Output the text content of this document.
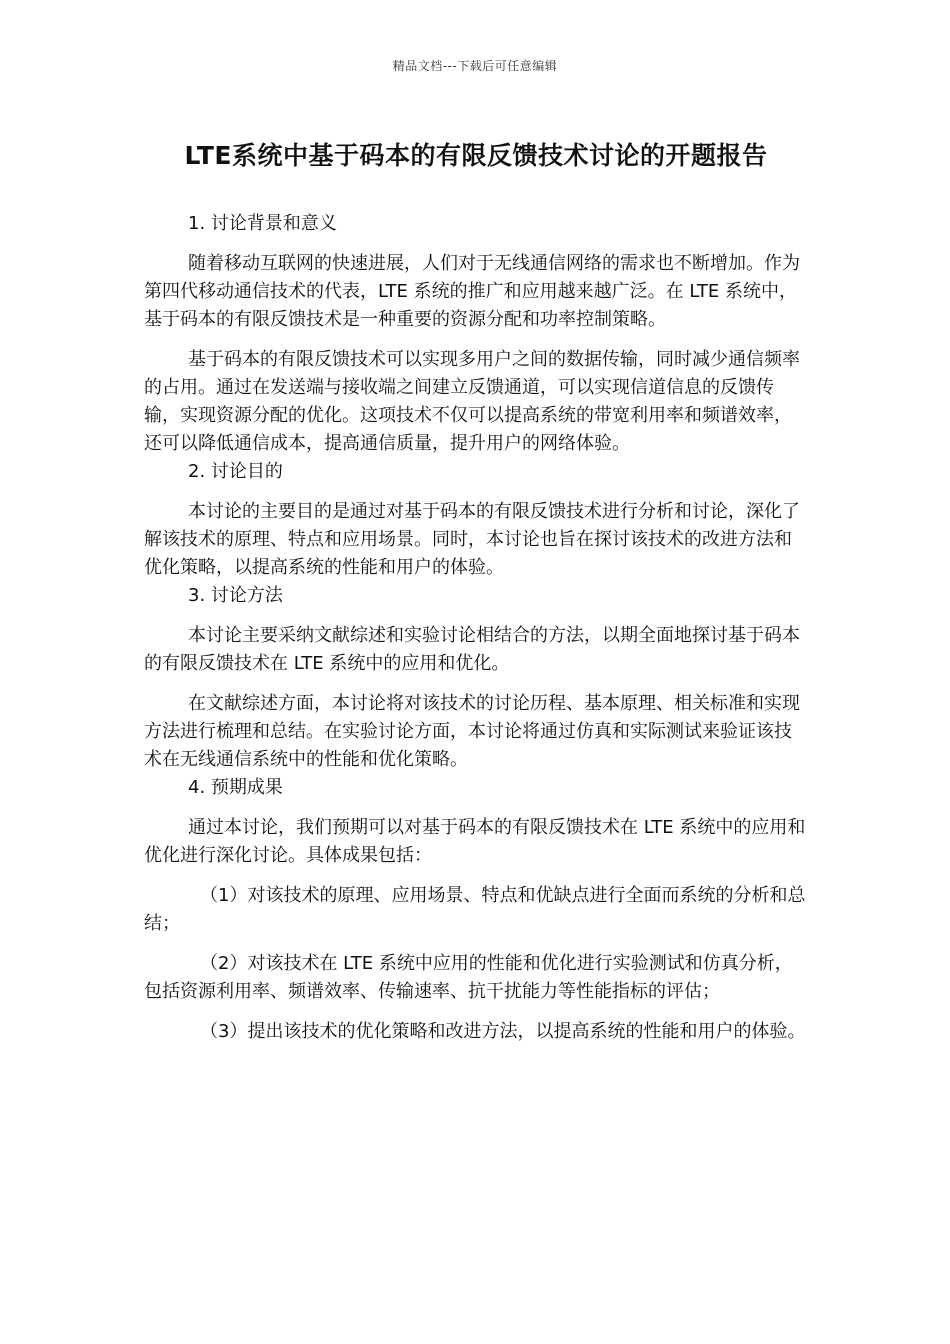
精品文档---下载后可任意编辑
LTE系统中基于码本的有限反馈技术讨论的开题报告

1. 讨论背景和意义

随着移动互联网的快速进展，人们对于无线通信网络的需求也不断增加。作为第四代移动通信技术的代表，LTE 系统的推广和应用越来越广泛。在 LTE 系统中，基于码本的有限反馈技术是一种重要的资源分配和功率控制策略。

基于码本的有限反馈技术可以实现多用户之间的数据传输，同时减少通信频率的占用。通过在发送端与接收端之间建立反馈通道，可以实现信道信息的反馈传输，实现资源分配的优化。这项技术不仅可以提高系统的带宽利用率和频谱效率，还可以降低通信成本，提高通信质量，提升用户的网络体验。

2. 讨论目的

本讨论的主要目的是通过对基于码本的有限反馈技术进行分析和讨论，深化了解该技术的原理、特点和应用场景。同时，本讨论也旨在探讨该技术的改进方法和优化策略，以提高系统的性能和用户的体验。

3. 讨论方法

本讨论主要采纳文献综述和实验讨论相结合的方法，以期全面地探讨基于码本的有限反馈技术在 LTE 系统中的应用和优化。

在文献综述方面，本讨论将对该技术的讨论历程、基本原理、相关标准和实现方法进行梳理和总结。在实验讨论方面，本讨论将通过仿真和实际测试来验证该技术在无线通信系统中的性能和优化策略。

4. 预期成果

通过本讨论，我们预期可以对基于码本的有限反馈技术在 LTE 系统中的应用和优化进行深化讨论。具体成果包括：

（1）对该技术的原理、应用场景、特点和优缺点进行全面而系统的分析和总结；

（2）对该技术在 LTE 系统中应用的性能和优化进行实验测试和仿真分析，包括资源利用率、频谱效率、传输速率、抗干扰能力等性能指标的评估；

（3）提出该技术的优化策略和改进方法，以提高系统的性能和用户的体验。
